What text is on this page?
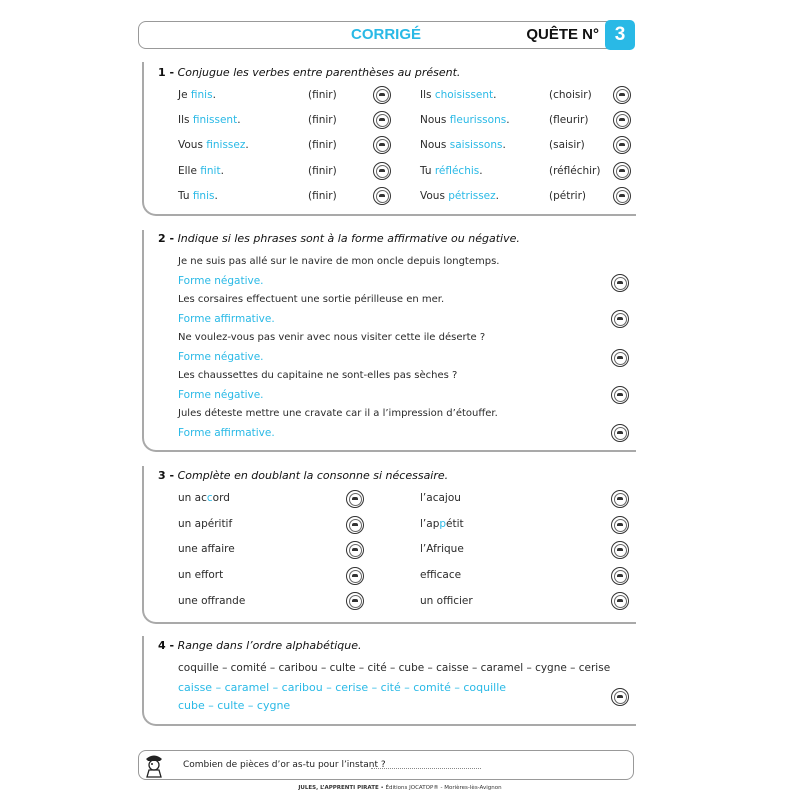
CORRIGÉ	QUÊTE N° 3
1 - Conjugue les verbes entre parenthèses au présent.
Je finis.	(finir)	Ils choisissent.	(choisir)
Ils finissent.	(finir)	Nous fleurissons.	(fleurir)
Vous finissez.	(finir)	Nous saisissons.	(saisir)
Elle finit.	(finir)	Tu réfléchis.	(réfléchir)
Tu finis.	(finir)	Vous pétrissez.	(pétrir)
2 - Indique si les phrases sont à la forme affirmative ou négative.
Je ne suis pas allé sur le navire de mon oncle depuis longtemps.
Forme négative.
Les corsaires effectuent une sortie périlleuse en mer.
Forme affirmative.
Ne voulez-vous pas venir avec nous visiter cette ile déserte ?
Forme négative.
Les chaussettes du capitaine ne sont-elles pas sèches ?
Forme négative.
Jules déteste mettre une cravate car il a l’impression d’étouffer.
Forme affirmative.
3 - Complète en doublant la consonne si nécessaire.
un accord	l’acajou
un apéritif	l’appétit
une afaire	l’Afrique
un efort	eficace
une ofrande	un oficier
4 - Range dans l’ordre alphabétique.
coquille – comité – caribou – culte – cité – cube – caisse – caramel – cygne – cerise
caisse – caramel – caribou – cerise – cité – comité – coquille
cube – culte – cygne
Combien de pièces d’or as-tu pour l’instant ?
JULES, L’APPRENTI PIRATE • Éditions JOCATOP® - Morières-lès-Avignon
